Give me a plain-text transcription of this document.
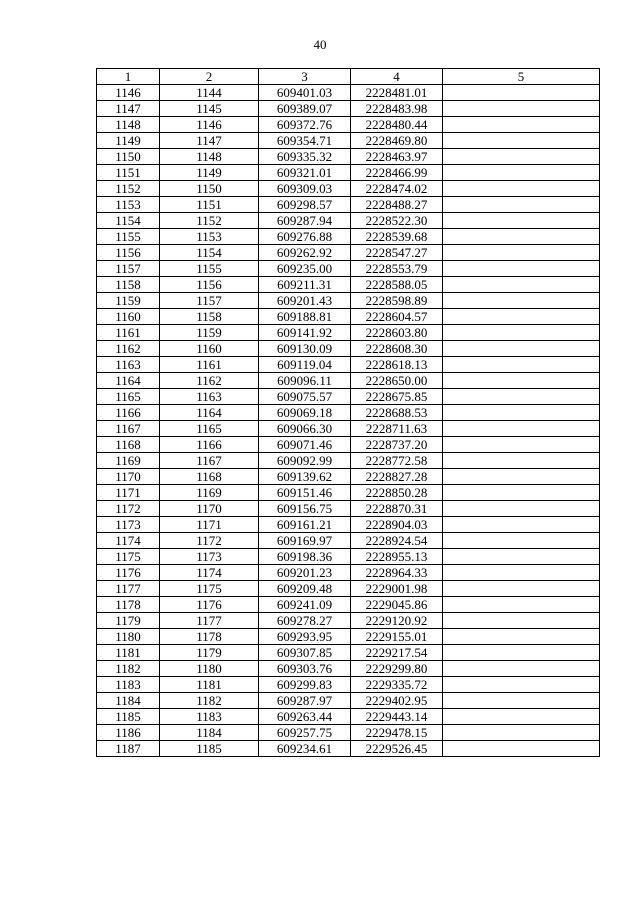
40
1	2	3	4	5
1146	1144	609401.03	2228481.01	
1147	1145	609389.07	2228483.98	
1148	1146	609372.76	2228480.44	
1149	1147	609354.71	2228469.80	
1150	1148	609335.32	2228463.97	
1151	1149	609321.01	2228466.99	
1152	1150	609309.03	2228474.02	
1153	1151	609298.57	2228488.27	
1154	1152	609287.94	2228522.30	
1155	1153	609276.88	2228539.68	
1156	1154	609262.92	2228547.27	
1157	1155	609235.00	2228553.79	
1158	1156	609211.31	2228588.05	
1159	1157	609201.43	2228598.89	
1160	1158	609188.81	2228604.57	
1161	1159	609141.92	2228603.80	
1162	1160	609130.09	2228608.30	
1163	1161	609119.04	2228618.13	
1164	1162	609096.11	2228650.00	
1165	1163	609075.57	2228675.85	
1166	1164	609069.18	2228688.53	
1167	1165	609066.30	2228711.63	
1168	1166	609071.46	2228737.20	
1169	1167	609092.99	2228772.58	
1170	1168	609139.62	2228827.28	
1171	1169	609151.46	2228850.28	
1172	1170	609156.75	2228870.31	
1173	1171	609161.21	2228904.03	
1174	1172	609169.97	2228924.54	
1175	1173	609198.36	2228955.13	
1176	1174	609201.23	2228964.33	
1177	1175	609209.48	2229001.98	
1178	1176	609241.09	2229045.86	
1179	1177	609278.27	2229120.92	
1180	1178	609293.95	2229155.01	
1181	1179	609307.85	2229217.54	
1182	1180	609303.76	2229299.80	
1183	1181	609299.83	2229335.72	
1184	1182	609287.97	2229402.95	
1185	1183	609263.44	2229443.14	
1186	1184	609257.75	2229478.15	
1187	1185	609234.61	2229526.45	
